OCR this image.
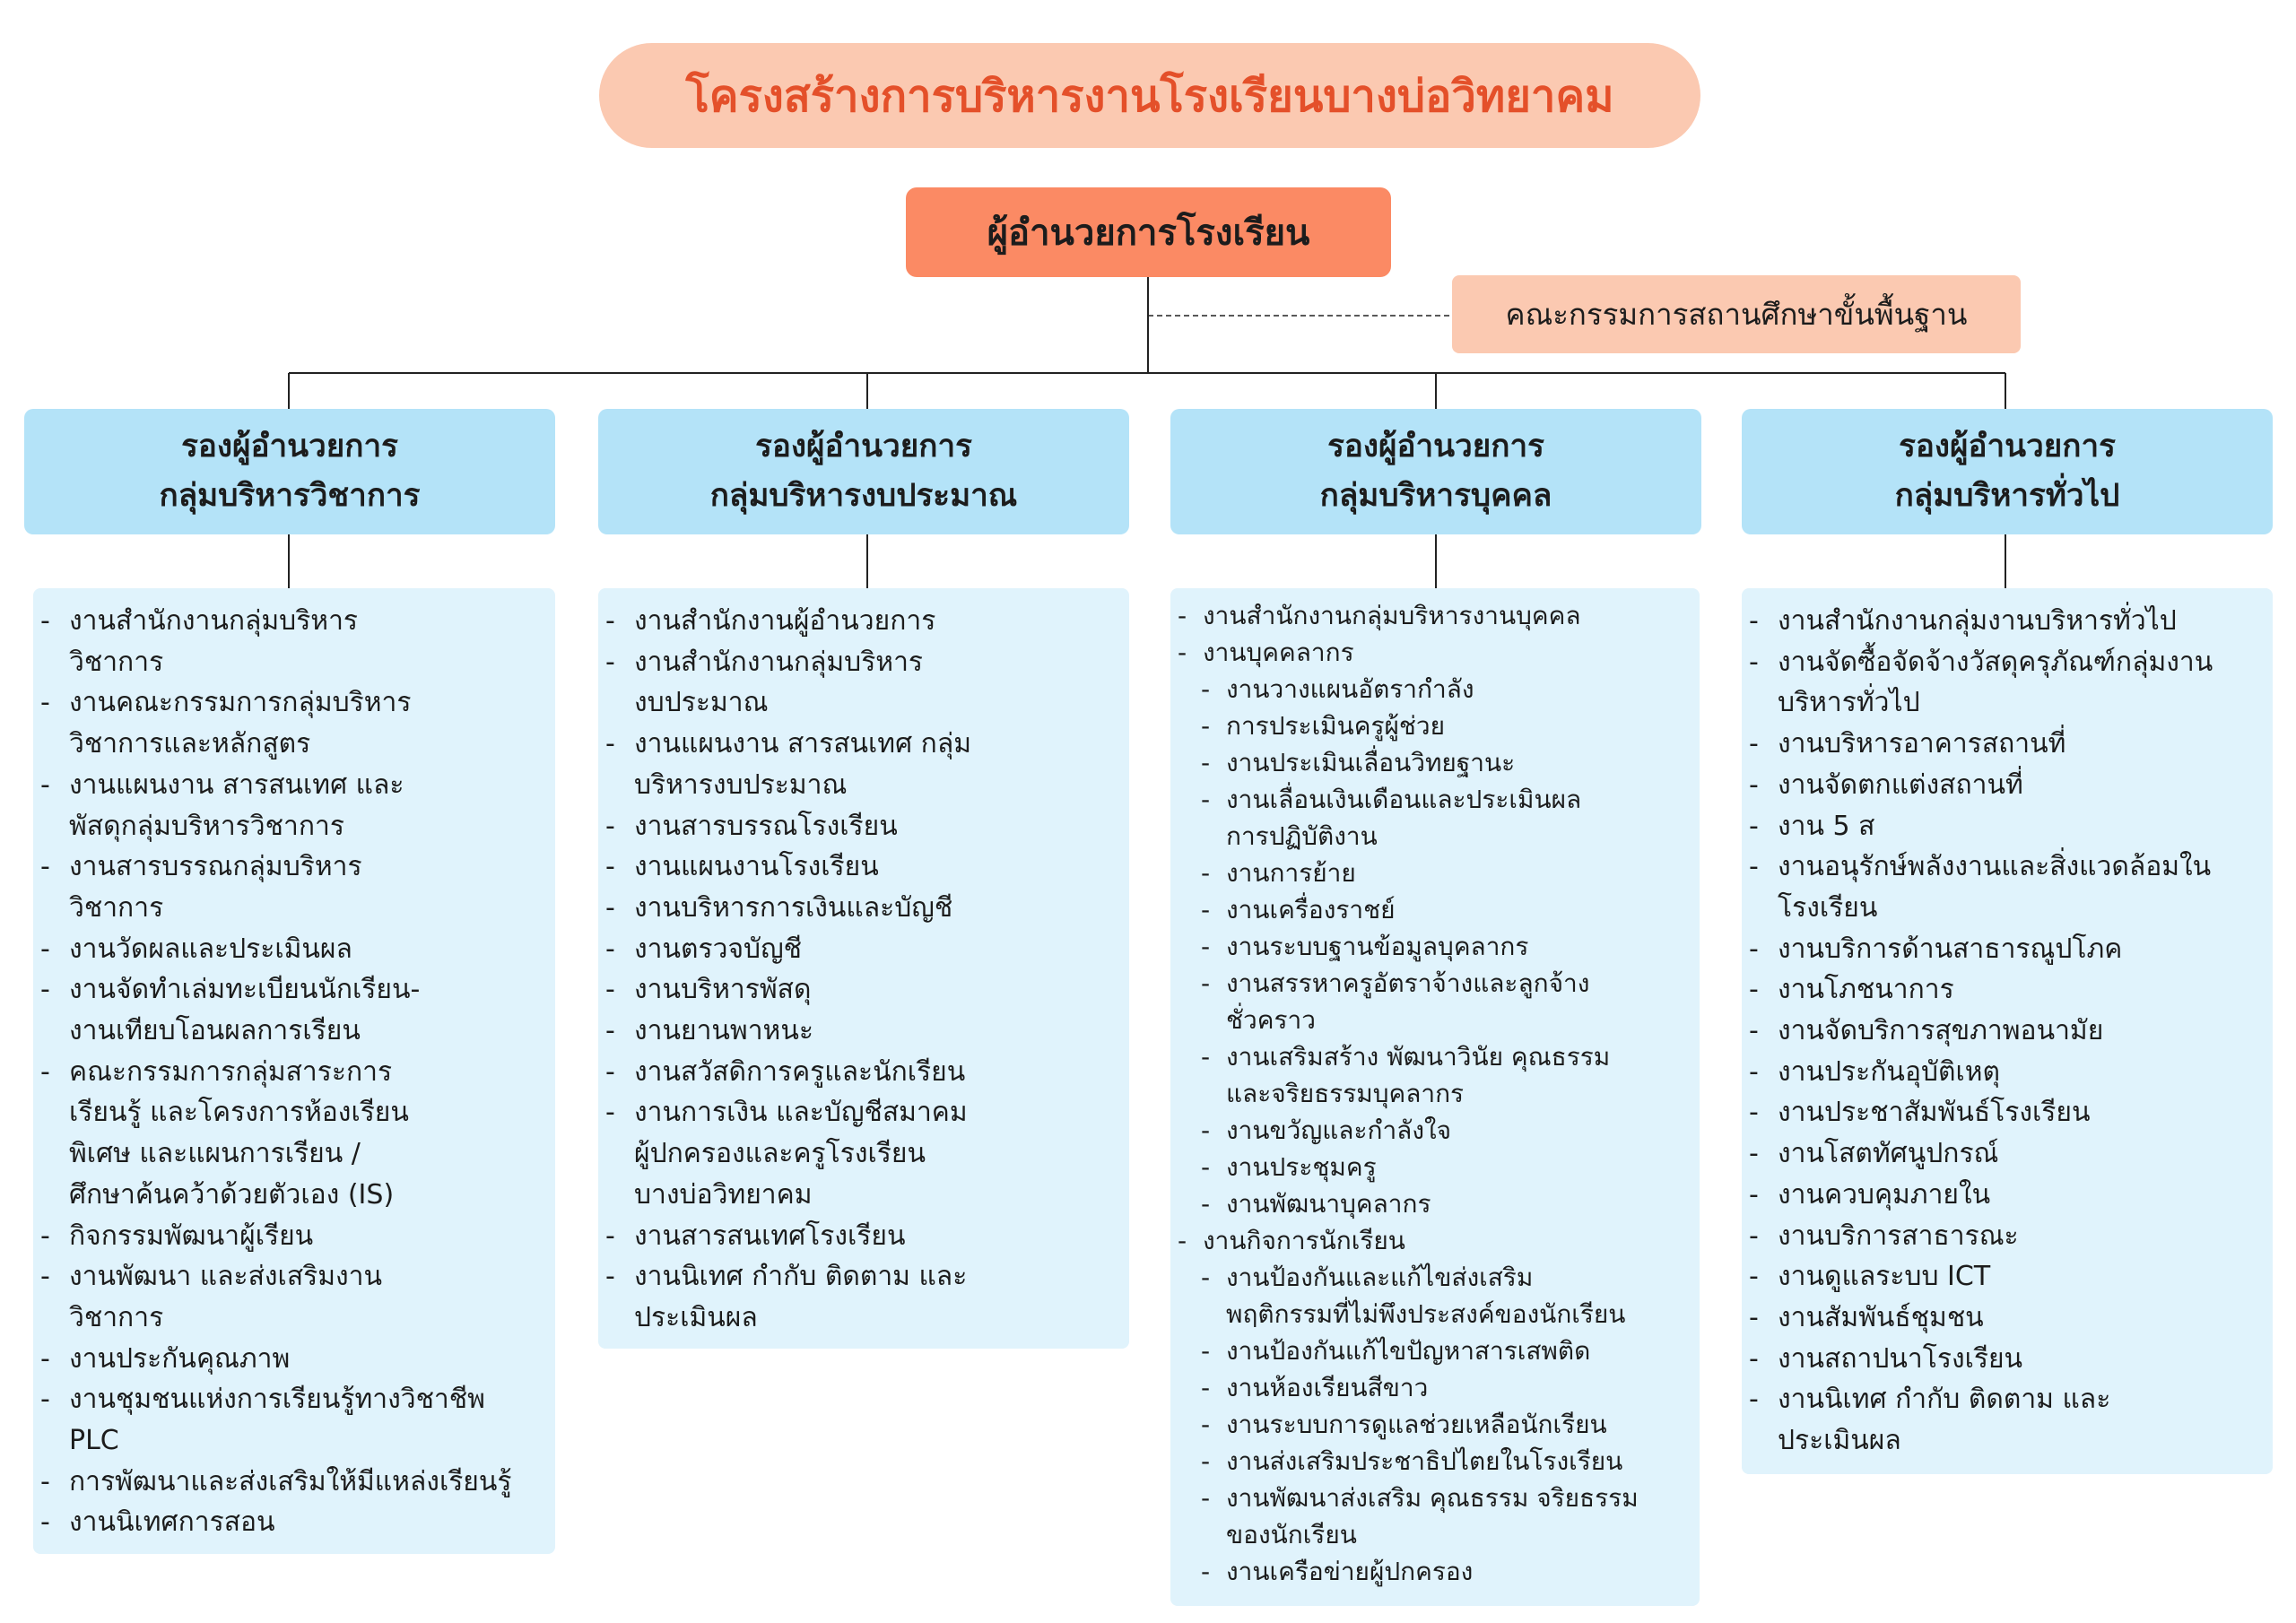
โครงสร้างการบริหารงานโรงเรียนบางบ่อวิทยาคม
ผู้อำนวยการโรงเรียน
คณะกรรมการสถานศึกษาขั้นพื้นฐาน
รองผู้อำนวยการ
กลุ่มบริหารวิชาการ
รองผู้อำนวยการ
กลุ่มบริหารงบประมาณ
รองผู้อำนวยการ
กลุ่มบริหารบุคคล
รองผู้อำนวยการ
กลุ่มบริหารทั่วไป
- งานสำนักงานกลุ่มบริหาร
วิชาการ
- งานคณะกรรมการกลุ่มบริหาร
วิชาการและหลักสูตร
- งานแผนงาน สารสนเทศ และ
พัสดุกลุ่มบริหารวิชาการ
- งานสารบรรณกลุ่มบริหาร
วิชาการ
- งานวัดผลและประเมินผล
- งานจัดทำเล่มทะเบียนนักเรียน-
งานเทียบโอนผลการเรียน
- คณะกรรมการกลุ่มสาระการ
เรียนรู้ และโครงการห้องเรียน
พิเศษ และแผนการเรียน /
ศึกษาค้นคว้าด้วยตัวเอง (IS)
- กิจกรรมพัฒนาผู้เรียน
- งานพัฒนา และส่งเสริมงาน
วิชาการ
- งานประกันคุณภาพ
- งานชุมชนแห่งการเรียนรู้ทางวิชาชีพ
PLC
- การพัฒนาและส่งเสริมให้มีแหล่งเรียนรู้
- งานนิเทศการสอน
- งานสำนักงานผู้อำนวยการ
- งานสำนักงานกลุ่มบริหาร
งบประมาณ
- งานแผนงาน สารสนเทศ กลุ่ม
บริหารงบประมาณ
- งานสารบรรณโรงเรียน
- งานแผนงานโรงเรียน
- งานบริหารการเงินและบัญชี
- งานตรวจบัญชี
- งานบริหารพัสดุ
- งานยานพาหนะ
- งานสวัสดิการครูและนักเรียน
- งานการเงิน และบัญชีสมาคม
ผู้ปกครองและครูโรงเรียน
บางบ่อวิทยาคม
- งานสารสนเทศโรงเรียน
- งานนิเทศ กำกับ ติดตาม และ
ประเมินผล
- งานสำนักงานกลุ่มบริหารงานบุคคล
- งานบุคคลากร
- งานวางแผนอัตรากำลัง
- การประเมินครูผู้ช่วย
- งานประเมินเลื่อนวิทยฐานะ
- งานเลื่อนเงินเดือนและประเมินผล
การปฏิบัติงาน
- งานการย้าย
- งานเครื่องราชย์
- งานระบบฐานข้อมูลบุคลากร
- งานสรรหาครูอัตราจ้างและลูกจ้าง
ชั่วคราว
- งานเสริมสร้าง พัฒนาวินัย คุณธรรม
และจริยธรรมบุคลากร
- งานขวัญและกำลังใจ
- งานประชุมครู
- งานพัฒนาบุคลากร
- งานกิจการนักเรียน
- งานป้องกันและแก้ไขส่งเสริม
พฤติกรรมที่ไม่พึงประสงค์ของนักเรียน
- งานป้องกันแก้ไขปัญหาสารเสพติด
- งานห้องเรียนสีขาว
- งานระบบการดูแลช่วยเหลือนักเรียน
- งานส่งเสริมประชาธิปไตยในโรงเรียน
- งานพัฒนาส่งเสริม คุณธรรม จริยธรรม
ของนักเรียน
- งานเครือข่ายผู้ปกครอง
- งานสำนักงานกลุ่มงานบริหารทั่วไป
- งานจัดซื้อจัดจ้างวัสดุครุภัณฑ์กลุ่มงาน
บริหารทั่วไป
- งานบริหารอาคารสถานที่
- งานจัดตกแต่งสถานที่
- งาน 5 ส
- งานอนุรักษ์พลังงานและสิ่งแวดล้อมใน
โรงเรียน
- งานบริการด้านสาธารณูปโภค
- งานโภชนาการ
- งานจัดบริการสุขภาพอนามัย
- งานประกันอุบัติเหตุ
- งานประชาสัมพันธ์โรงเรียน
- งานโสตทัศนูปกรณ์
- งานควบคุมภายใน
- งานบริการสาธารณะ
- งานดูแลระบบ ICT
- งานสัมพันธ์ชุมชน
- งานสถาปนาโรงเรียน
- งานนิเทศ กำกับ ติดตาม และ
ประเมินผล
